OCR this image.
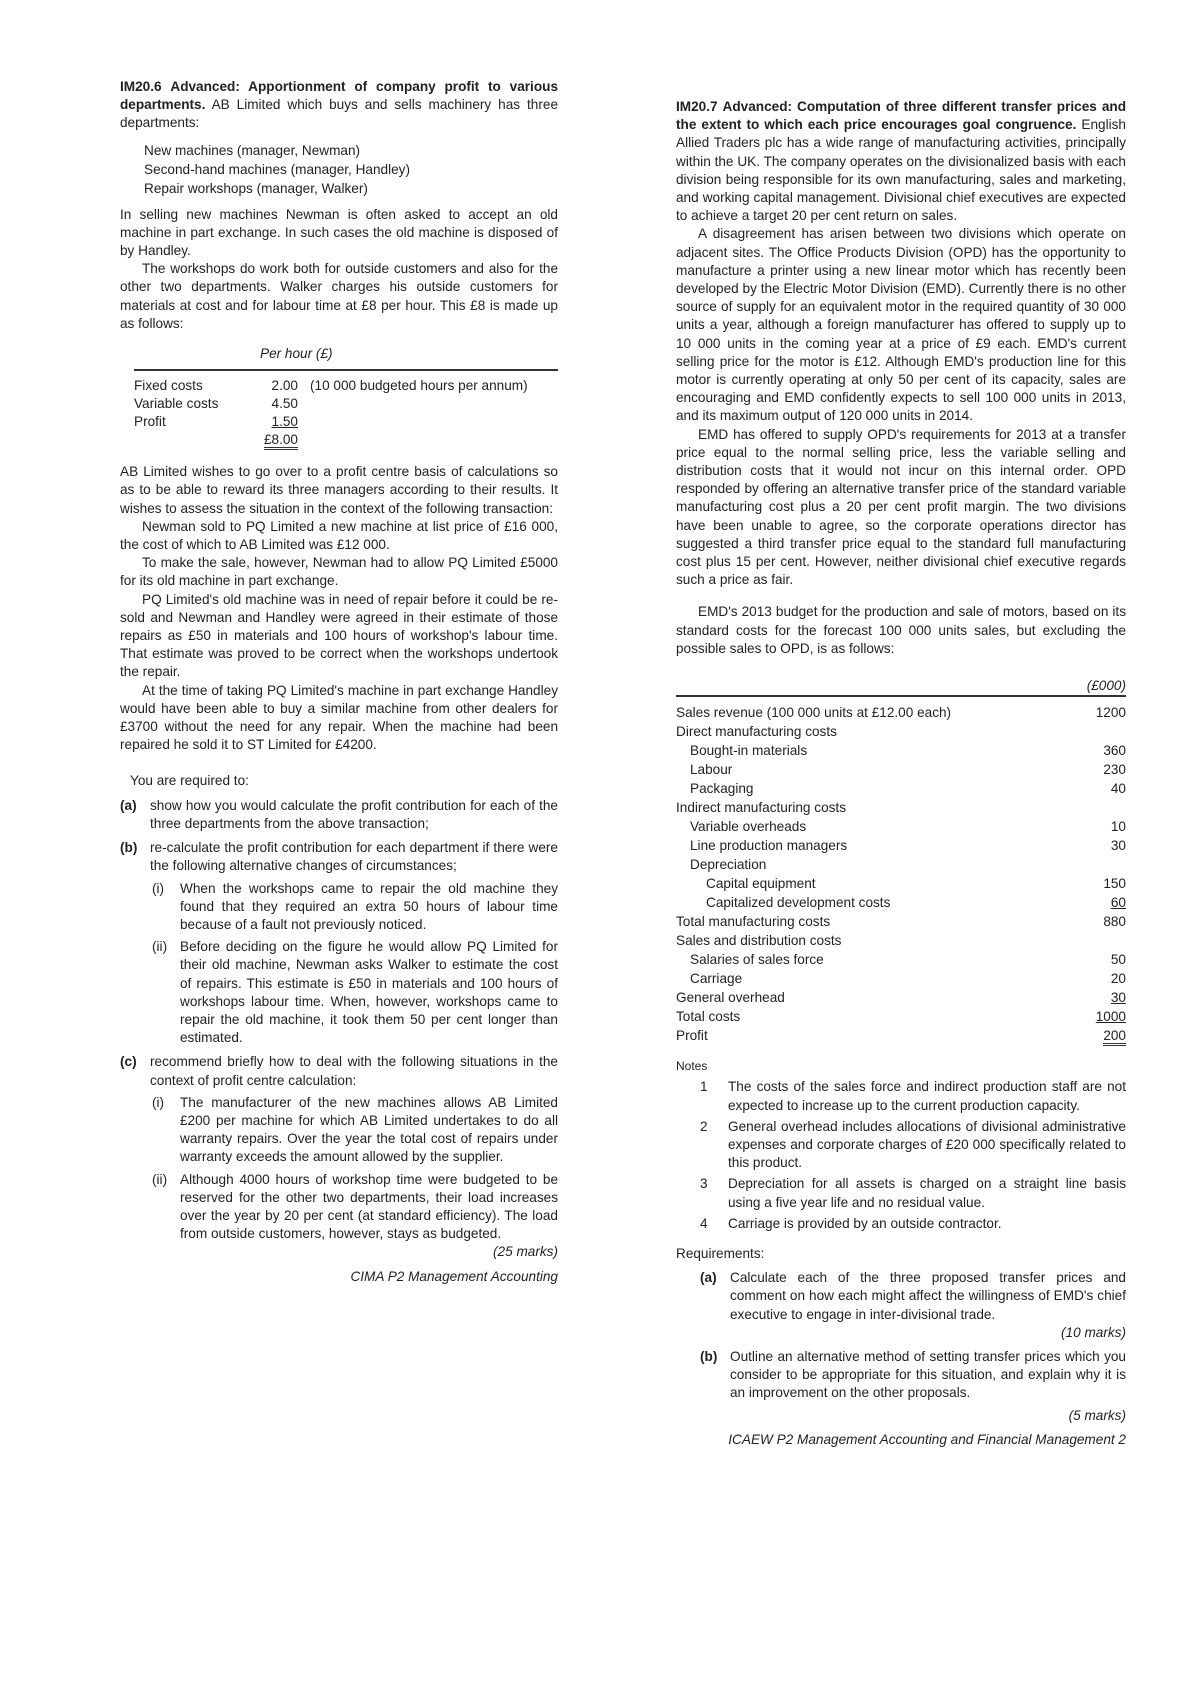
IM20.6 Advanced: Apportionment of company profit to various departments. AB Limited which buys and sells machinery has three departments:

New machines (manager, Newman)
Second-hand machines (manager, Handley)
Repair workshops (manager, Walker)

In selling new machines Newman is often asked to accept an old machine in part exchange. In such cases the old machine is disposed of by Handley.

The workshops do work both for outside customers and also for the other two departments. Walker charges his outside customers for materials at cost and for labour time at £8 per hour. This £8 is made up as follows:

Per hour (£)
Fixed costs	2.00 (10 000 budgeted hours per annum)
Variable costs	4.50
Profit	1.50
£8.00

AB Limited wishes to go over to a profit centre basis of calculations so as to be able to reward its three managers according to their results. It wishes to assess the situation in the context of the following transaction:

Newman sold to PQ Limited a new machine at list price of £16 000, the cost of which to AB Limited was £12 000.

To make the sale, however, Newman had to allow PQ Limited £5000 for its old machine in part exchange.

PQ Limited's old machine was in need of repair before it could be re-sold and Newman and Handley were agreed in their estimate of those repairs as £50 in materials and 100 hours of workshop's labour time. That estimate was proved to be correct when the workshops undertook the repair.

At the time of taking PQ Limited's machine in part exchange Handley would have been able to buy a similar machine from other dealers for £3700 without the need for any repair. When the machine had been repaired he sold it to ST Limited for £4200.

You are required to:

(a) show how you would calculate the profit contribution for each of the three departments from the above transaction;

(b) re-calculate the profit contribution for each department if there were the following alternative changes of circumstances;

(i)	When the workshops came to repair the old machine they found that they required an extra 50 hours of labour time because of a fault not previously noticed.

(ii) Before deciding on the figure he would allow PQ Limited for their old machine, Newman asks Walker to estimate the cost of repairs. This estimate is £50 in materials and 100 hours of workshops labour time. When, however, workshops came to repair the old machine, it took them 50 per cent longer than estimated.

(c) recommend briefly how to deal with the following situations in the context of profit centre calculation:

(i)	The manufacturer of the new machines allows AB Limited £200 per machine for which AB Limited undertakes to do all warranty repairs. Over the year the total cost of repairs under warranty exceeds the amount allowed by the supplier.

(ii) Although 4000 hours of workshop time were budgeted to be reserved for the other two departments, their load increases over the year by 20 per cent (at standard efficiency). The load from outside customers, however, stays as budgeted.

(25 marks)
CIMA P2 Management Accounting

IM20.7 Advanced: Computation of three different transfer prices and the extent to which each price encourages goal congruence. English Allied Traders plc has a wide range of manufacturing activities, principally within the UK. The company operates on the divisionalized basis with each division being responsible for its own manufacturing, sales and marketing, and working capital management. Divisional chief executives are expected to achieve a target 20 per cent return on sales.

A disagreement has arisen between two divisions which operate on adjacent sites. The Office Products Division (OPD) has the opportunity to manufacture a printer using a new linear motor which has recently been developed by the Electric Motor Division (EMD). Currently there is no other source of supply for an equivalent motor in the required quantity of 30 000 units a year, although a foreign manufacturer has offered to supply up to 10 000 units in the coming year at a price of £9 each. EMD's current selling price for the motor is £12. Although EMD's production line for this motor is currently operating at only 50 per cent of its capacity, sales are encouraging and EMD confidently expects to sell 100 000 units in 2013, and its maximum output of 120 000 units in 2014.

EMD has offered to supply OPD's requirements for 2013 at a transfer price equal to the normal selling price, less the variable selling and distribution costs that it would not incur on this internal order. OPD responded by offering an alternative transfer price of the standard variable manufacturing cost plus a 20 per cent profit margin. The two divisions have been unable to agree, so the corporate operations director has suggested a third transfer price equal to the standard full manufacturing cost plus 15 per cent. However, neither divisional chief executive regards such a price as fair.

EMD's 2013 budget for the production and sale of motors, based on its standard costs for the forecast 100 000 units sales, but excluding the possible sales to OPD, is as follows:

(£000)
Sales revenue (100 000 units at £12.00 each)	1200
Direct manufacturing costs
Bought-in materials	360
Labour	230
Packaging	40
Indirect manufacturing costs
Variable overheads	10
Line production managers	30
Depreciation
Capital equipment	150
Capitalized development costs	60
Total manufacturing costs	880
Sales and distribution costs
Salaries of sales force	50
Carriage	20
General overhead	30
Total costs	1000
Profit	200
Notes
1	The costs of the sales force and indirect production staff are not expected to increase up to the current production capacity.

2	General overhead includes allocations of divisional administrative expenses and corporate charges of £20 000 specifically related to this product.

3	Depreciation for all assets is charged on a straight line basis using a five year life and no residual value.

4	Carriage is provided by an outside contractor.

Requirements:

(a) Calculate each of the three proposed transfer prices and comment on how each might affect the willingness of EMD's chief executive to engage in inter-divisional trade.

(10 marks)
(b) Outline an alternative method of setting transfer prices which you consider to be appropriate for this situation, and explain why it is an improvement on the other proposals.

(5 marks)
ICAEW P2 Management Accounting and Financial Management 2
